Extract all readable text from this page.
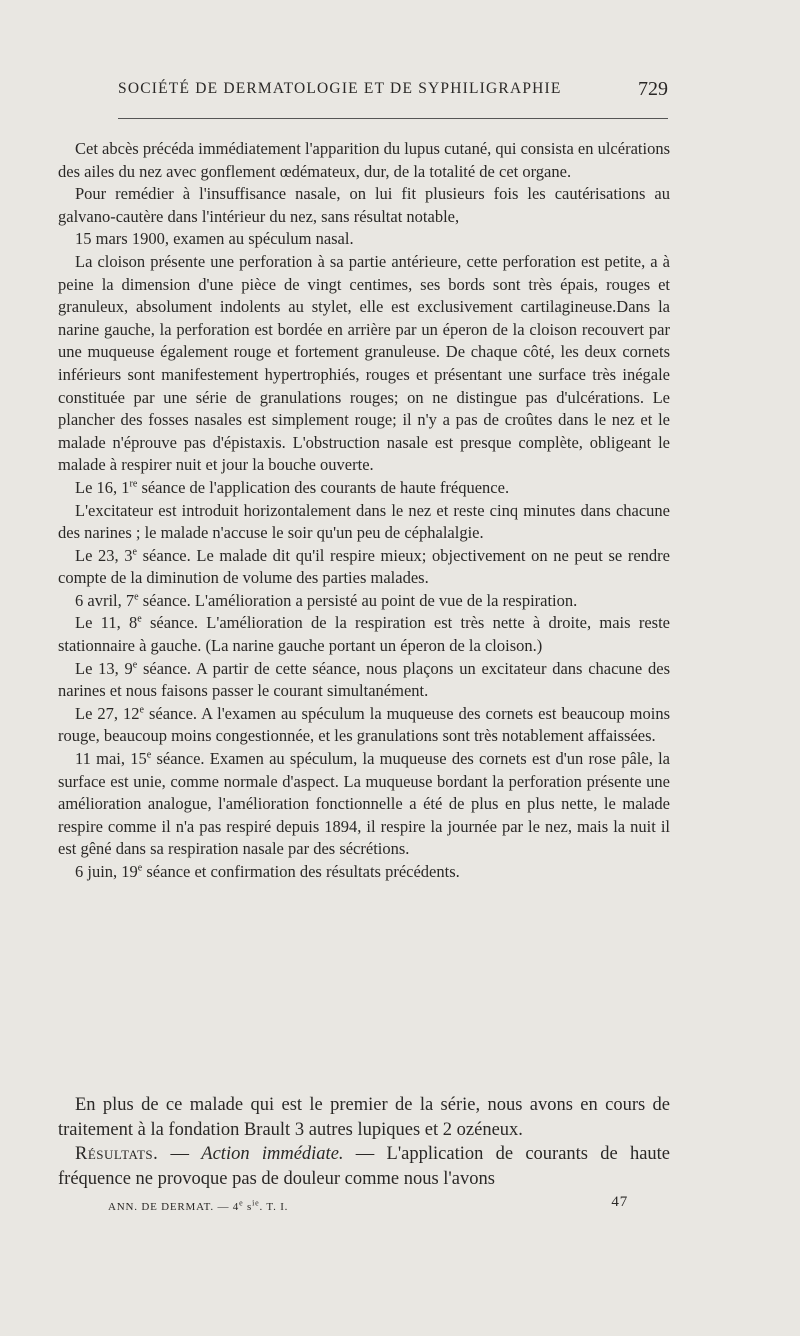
SOCIÉTÉ DE DERMATOLOGIE ET DE SYPHILIGRAPHIE	729

Cet abcès précéda immédiatement l'apparition du lupus cutané, qui consista en ulcérations des ailes du nez avec gonflement œdémateux, dur, de la totalité de cet organe.

Pour remédier à l'insuffisance nasale, on lui fit plusieurs fois les cautérisations au galvano-cautère dans l'intérieur du nez, sans résultat notable,

15 mars 1900, examen au spéculum nasal.

La cloison présente une perforation à sa partie antérieure, cette perforation est petite, a à peine la dimension d'une pièce de vingt centimes, ses bords sont très épais, rouges et granuleux, absolument indolents au stylet, elle est exclusivement cartilagineuse.Dans la narine gauche, la perforation est bordée en arrière par un éperon de la cloison recouvert par une muqueuse également rouge et fortement granuleuse. De chaque côté, les deux cornets inférieurs sont manifestement hypertrophiés, rouges et présentant une surface très inégale constituée par une série de granulations rouges; on ne distingue pas d'ulcérations. Le plancher des fosses nasales est simplement rouge; il n'y a pas de croûtes dans le nez et le malade n'éprouve pas d'épistaxis. L'obstruction nasale est presque complète, obligeant le malade à respirer nuit et jour la bouche ouverte.

Le 16, 1re séance de l'application des courants de haute fréquence.

L'excitateur est introduit horizontalement dans le nez et reste cinq minutes dans chacune des narines ; le malade n'accuse le soir qu'un peu de céphalalgie.

Le 23, 3e séance. Le malade dit qu'il respire mieux; objectivement on ne peut se rendre compte de la diminution de volume des parties malades.

6 avril, 7e séance. L'amélioration a persisté au point de vue de la respiration.

Le 11, 8e séance. L'amélioration de la respiration est très nette à droite, mais reste stationnaire à gauche. (La narine gauche portant un éperon de la cloison.)

Le 13, 9e séance. A partir de cette séance, nous plaçons un excitateur dans chacune des narines et nous faisons passer le courant simultanément.

Le 27, 12e séance. A l'examen au spéculum la muqueuse des cornets est beaucoup moins rouge, beaucoup moins congestionnée, et les granulations sont très notablement affaissées.

11 mai, 15e séance. Examen au spéculum, la muqueuse des cornets est d'un rose pâle, la surface est unie, comme normale d'aspect. La muqueuse bordant la perforation présente une amélioration analogue, l'amélioration fonctionnelle a été de plus en plus nette, le malade respire comme il n'a pas respiré depuis 1894, il respire la journée par le nez, mais la nuit il est gêné dans sa respiration nasale par des sécrétions.

6 juin, 19e séance et confirmation des résultats précédents.

En plus de ce malade qui est le premier de la série, nous avons en cours de traitement à la fondation Brault 3 autres lupiques et 2 ozéneux.

Résultats. — Action immédiate. — L'application de courants de haute fréquence ne provoque pas de douleur comme nous l'avons

ANN. DE DERMAT. — 4e $s^{ie}$. T. I.	47
